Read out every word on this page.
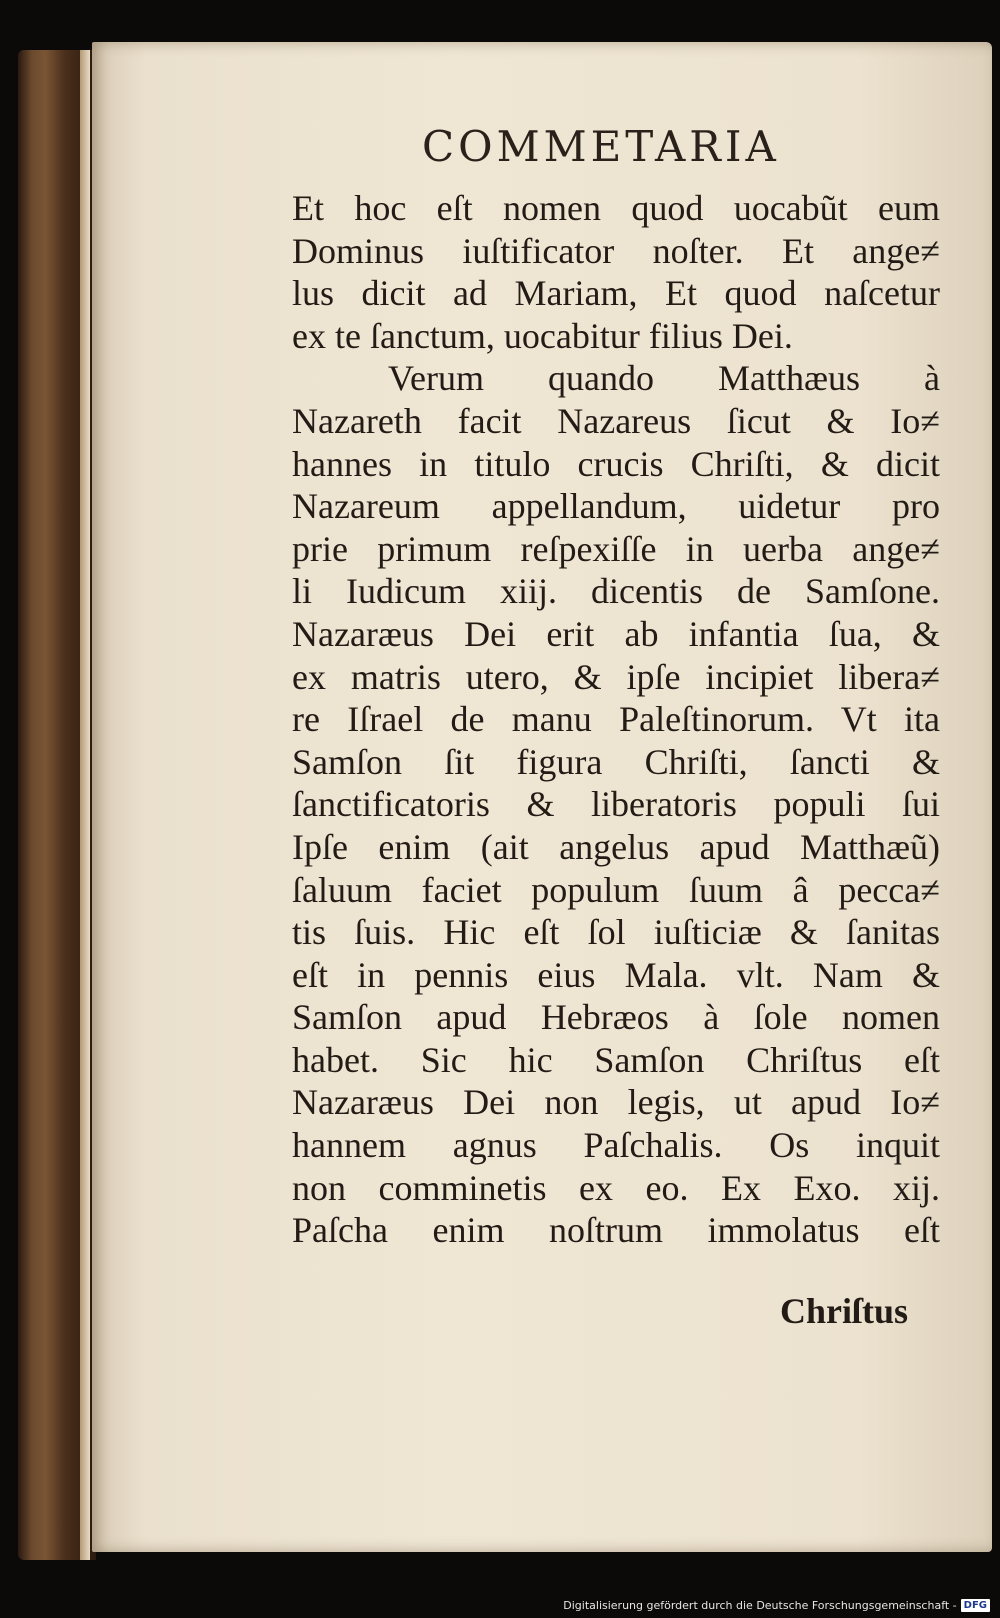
COMMETARIA
Et hoc eſt nomen quod uocabũt eum
Dominus iuſtificator noſter. Et ange≠
lus dicit ad Mariam, Et quod naſcetur
ex te ſanctum, uocabitur filius Dei.
Verum quando Matthæus à
Nazareth facit Nazareus ſicut & Io≠
hannes in titulo crucis Chriſti, & dicit
Nazareum appellandum, uidetur pro
prie primum reſpexiſſe in uerba ange≠
li Iudicum xiij. dicentis de Samſone.
Nazaræus Dei erit ab infantia ſua, &
ex matris utero, & ipſe incipiet libera≠
re Iſrael de manu Paleſtinorum. Vt ita
Samſon ſit figura Chriſti, ſancti &
ſanctificatoris & liberatoris populi ſui
Ipſe enim (ait angelus apud Matthæũ)
ſaluum faciet populum ſuum â pecca≠
tis ſuis. Hic eſt ſol iuſticiæ & ſanitas
eſt in pennis eius Mala. vlt. Nam &
Samſon apud Hebræos à ſole nomen
habet. Sic hic Samſon Chriſtus eſt
Nazaræus Dei non legis, ut apud Io≠
hannem agnus Paſchalis. Os inquit
non comminetis ex eo. Ex Exo. xij.
Paſcha enim noſtrum immolatus eſt
Chriſtus
Digitalisierung gefördert durch die Deutsche Forschungsgemeinschaft - DFG
